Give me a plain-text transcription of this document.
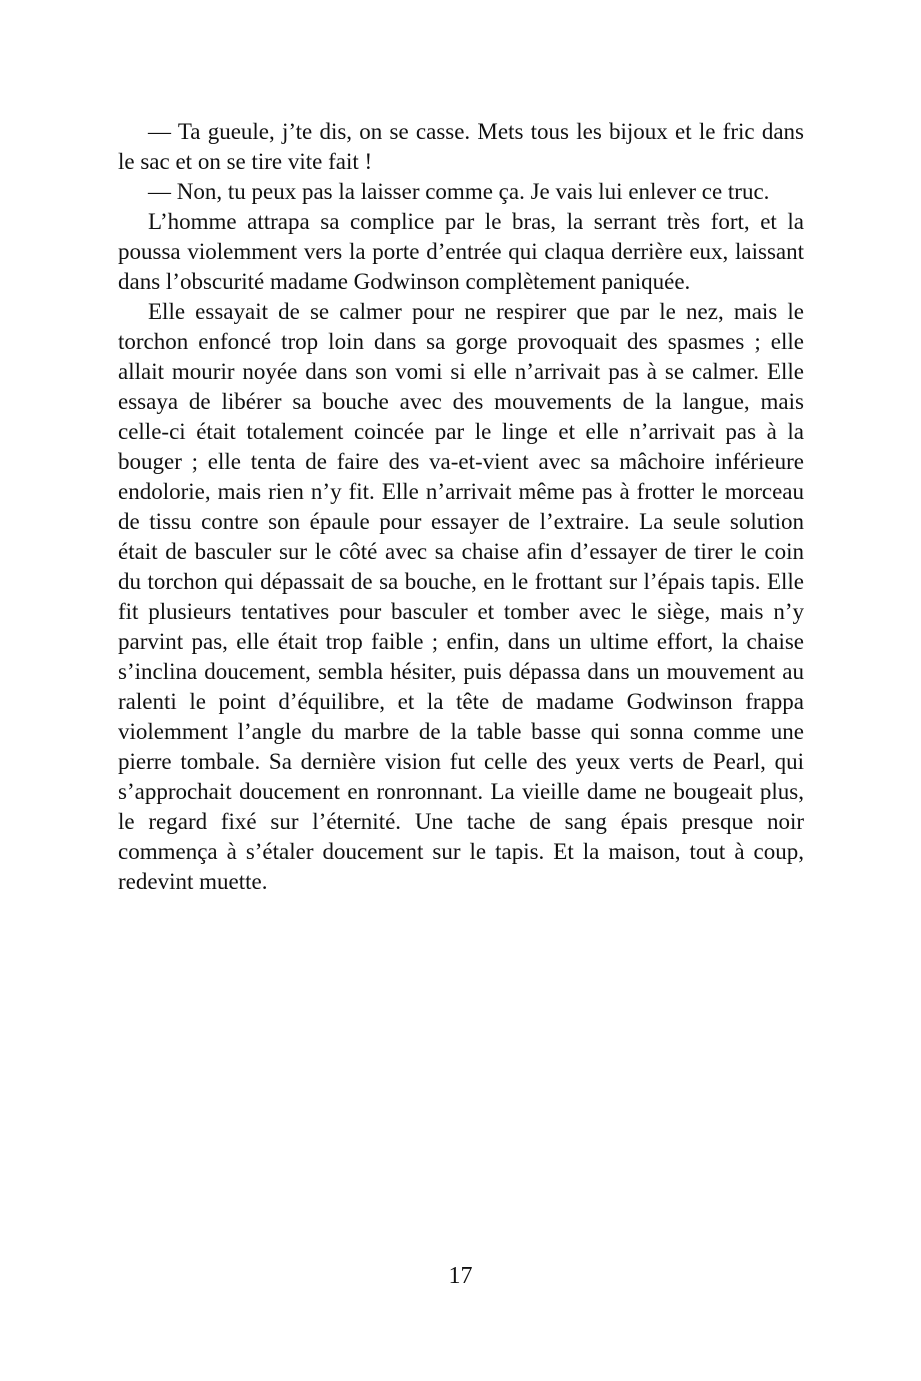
— Ta gueule, j’te dis, on se casse. Mets tous les bijoux et le fric dans le sac et on se tire vite fait !

— Non, tu peux pas la laisser comme ça. Je vais lui enlever ce truc.

L’homme attrapa sa complice par le bras, la serrant très fort, et la poussa violemment vers la porte d’entrée qui claqua derrière eux, laissant dans l’obscurité madame Godwinson complètement paniquée.

Elle essayait de se calmer pour ne respirer que par le nez, mais le torchon enfoncé trop loin dans sa gorge provoquait des spasmes ; elle allait mourir noyée dans son vomi si elle n’arrivait pas à se calmer. Elle essaya de libérer sa bouche avec des mouvements de la langue, mais celle-ci était totalement coincée par le linge et elle n’arrivait pas à la bouger ; elle tenta de faire des va-et-vient avec sa mâchoire inférieure endolorie, mais rien n’y fit. Elle n’arrivait même pas à frotter le morceau de tissu contre son épaule pour essayer de l’extraire. La seule solution était de basculer sur le côté avec sa chaise afin d’essayer de tirer le coin du torchon qui dépassait de sa bouche, en le frottant sur l’épais tapis. Elle fit plusieurs tentatives pour basculer et tomber avec le siège, mais n’y parvint pas, elle était trop faible ; enfin, dans un ultime effort, la chaise s’inclina doucement, sembla hésiter, puis dépassa dans un mouvement au ralenti le point d’équilibre, et la tête de madame Godwinson frappa violemment l’angle du marbre de la table basse qui sonna comme une pierre tombale. Sa dernière vision fut celle des yeux verts de Pearl, qui s’approchait doucement en ronronnant. La vieille dame ne bougeait plus, le regard fixé sur l’éternité. Une tache de sang épais presque noir commença à s’étaler doucement sur le tapis. Et la maison, tout à coup, redevint muette.

17
